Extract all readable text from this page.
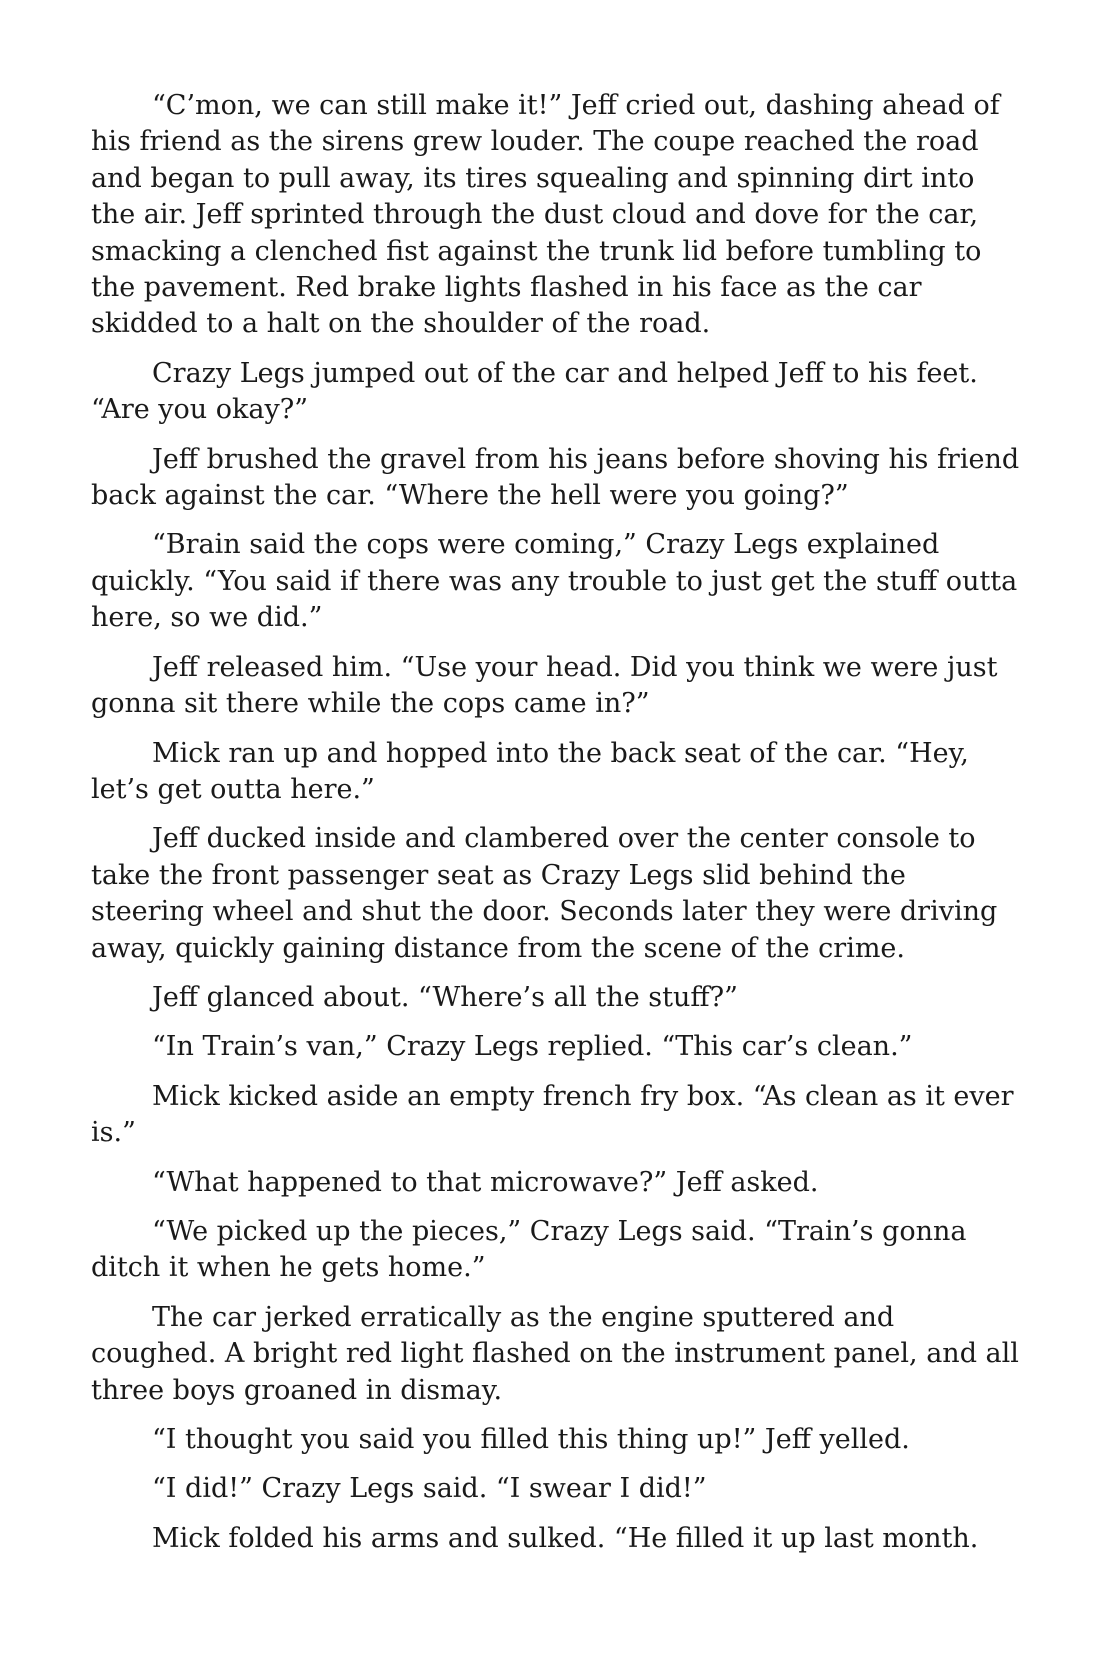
“C’mon, we can still make it!” Jeff cried out, dashing ahead of his friend as the sirens grew louder. The coupe reached the road and began to pull away, its tires squealing and spinning dirt into the air. Jeff sprinted through the dust cloud and dove for the car, smacking a clenched fist against the trunk lid before tumbling to the pavement. Red brake lights flashed in his face as the car skidded to a halt on the shoulder of the road.

Crazy Legs jumped out of the car and helped Jeff to his feet. “Are you okay?”

Jeff brushed the gravel from his jeans before shoving his friend back against the car. “Where the hell were you going?”

“Brain said the cops were coming,” Crazy Legs explained quickly. “You said if there was any trouble to just get the stuff outta here, so we did.”

Jeff released him. “Use your head. Did you think we were just gonna sit there while the cops came in?”

Mick ran up and hopped into the back seat of the car. “Hey, let’s get outta here.”

Jeff ducked inside and clambered over the center console to take the front passenger seat as Crazy Legs slid behind the steering wheel and shut the door. Seconds later they were driving away, quickly gaining distance from the scene of the crime.

Jeff glanced about. “Where’s all the stuff?”

“In Train’s van,” Crazy Legs replied. “This car’s clean.”

Mick kicked aside an empty french fry box. “As clean as it ever is.”

“What happened to that microwave?” Jeff asked.

“We picked up the pieces,” Crazy Legs said. “Train’s gonna ditch it when he gets home.”

The car jerked erratically as the engine sputtered and coughed. A bright red light flashed on the instrument panel, and all three boys groaned in dismay.

“I thought you said you filled this thing up!” Jeff yelled.

“I did!” Crazy Legs said. “I swear I did!”

Mick folded his arms and sulked. “He filled it up last month.
